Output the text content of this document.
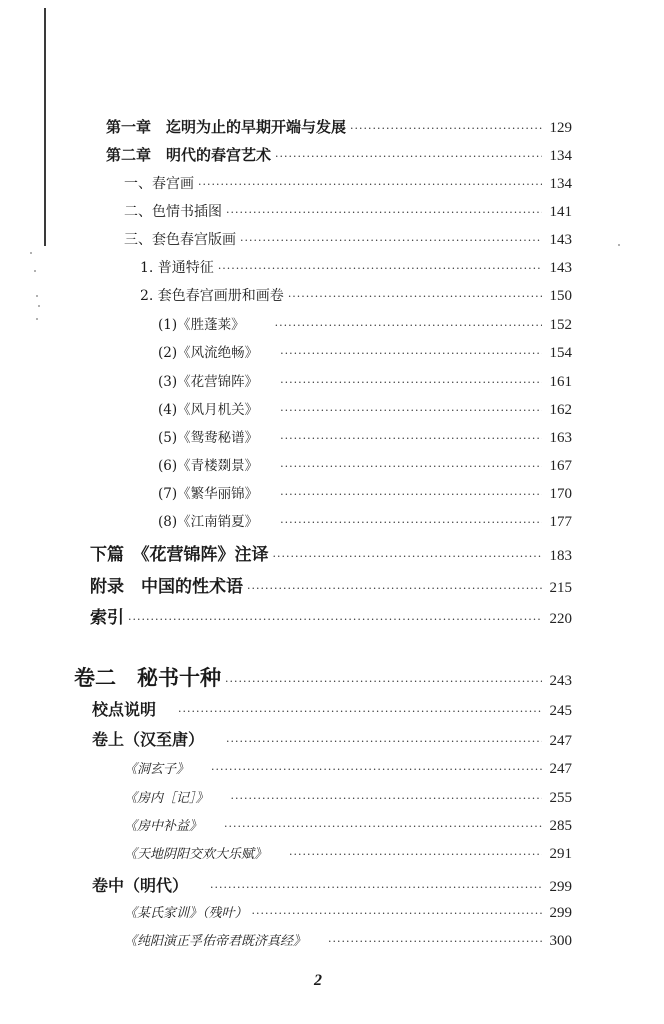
第一章　迄明为止的早期开端与发展 ·····	129
第二章　明代的春宫艺术 ·····	134
一、春宫画 ·····	134
二、色情书插图 ·····	141
三、套色春宫版画 ·····	143
1. 普通特征 ·····	143
2. 套色春宫画册和画卷 ·····	150
(1)《胜蓬莱》 ·····	152
(2)《风流绝畅》 ·····	154
(3)《花营锦阵》 ·····	161
(4)《风月机关》 ·····	162
(5)《鸳鸯秘谱》 ·····	163
(6)《青楼剟景》 ·····	167
(7)《繁华丽锦》 ·····	170
(8)《江南销夏》 ·····	177
下篇　《花营锦阵》注译 ·····	183
附录　中国的性术语 ·····	215
索引 ·····	220
卷二　秘书十种 ·····	243
校点说明 ·····	245
卷上（汉至唐） ·····	247
《洞玄子》 ·····	247
《房内［记］》 ·····	255
《房中补益》 ·····	285
《天地阴阳交欢大乐赋》 ·····	291
卷中（明代） ·····	299
《某氏家训》（残叶） ·····	299
《纯阳演正孚佑帝君既济真经》 ·····	300
2
